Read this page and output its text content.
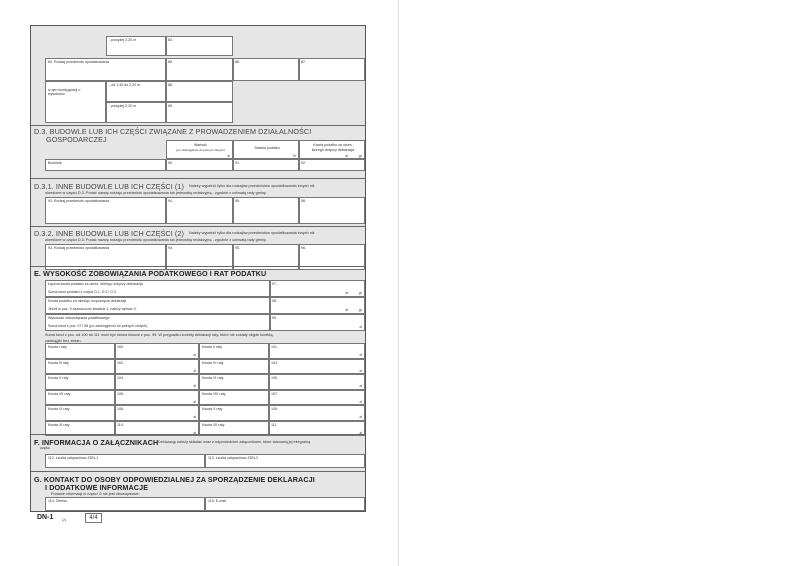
- powyżej 2,20 m	83.
84. Rodzaj przedmiotu opodatkowania	85.	86.	87.
w tym kondygnacji o wysokości:
- od 1,40 do 2,20 m	88.
- powyżej 2,20 m	89.
D.3. BUDOWLE LUB ICH CZĘŚCI ZWIĄZANE Z PROWADZENIEM DZIAŁALNOŚCI
GOSPODARCZEJ
Wartość
(po zaokrągleniu do pełnych złotych)
zł
Stawka podatku
%
Kwota podatku za okres,
którego dotyczy deklaracja
zł	gr
Budowle	90.	91.	92.
D.3.1. INNE BUDOWLE LUB ICH CZĘŚCI (1) Należy wypełnić tylko dla rodzajów przedmiotów opodatkowania innych niż
określone w części D.3. Podać nazwę rodzaju przedmiotu opodatkowania lub jednostkę redakcyjną - zgodnie z uchwałą rady gminy.
93. Rodzaj przedmiotu opodatkowania	94.	95.	96.
D.3.2. INNE BUDOWLE LUB ICH CZĘŚCI (2) Należy wypełnić tylko dla rodzajów przedmiotów opodatkowania innych niż
określone w części D.3. Podać nazwę rodzaju przedmiotu opodatkowania lub jednostkę redakcyjną - zgodnie z uchwałą rady gminy.
93. Rodzaj przedmiotu opodatkowania	94.	95.	96.
E. WYSOKOŚĆ ZOBOWIĄZANIA PODATKOWEGO I RAT PODATKU
Łączna kwota podatku za okres, którego dotyczy deklaracja
Suma kwot podatku z części D.1, D.2 i D.3
97.
zł	gr
Kwota podatku za miesiąc rozpoczęcia deklaracji
Jeżeli w poz. 5 zaznaczono kwadrat 1, należy wpisać 0.
98.
zł	gr
Wysokość zobowiązania podatkowego
Suma kwot z poz. 97 i 98 (po zaokrągleniu do pełnych złotych)
99.
zł
Suma kwot z poz. od 100 do 111 musi być równa kwocie z poz. 99. W przypadku korekty deklaracji raty, które nie zostały objęte korektą,
zaokrąglić bez zmian.
Kwota I raty	100.
zł
Kwota II raty	101.
zł
Kwota III raty	102.
zł
Kwota IV raty	103.
zł
Kwota V raty	104.
zł
Kwota VI raty	105.
zł
Kwota VII raty	106.
zł
Kwota VIII raty	107.
zł
Kwota IX raty	108.
zł
Kwota X raty	109.
zł
Kwota XI raty	110.
zł
Kwota XII raty	111.
zł
F. INFORMACJA O ZAŁĄCZNIKACH Deklarację należy składać wraz z odpowiednimi załącznikami, które stanowią jej integralną
część.
112. Liczba załączników ZDN-1	113. Liczba załączników ZDN-2
G. KONTAKT DO OSOBY ODPOWIEDZIALNEJ ZA SPORZĄDZENIE DEKLARACJI
I DODATKOWE INFORMACJE
Podanie informacji w części G nie jest obowiązkowe.
114. Telefon	115. E-mail
DN-1 (2)	4/4
